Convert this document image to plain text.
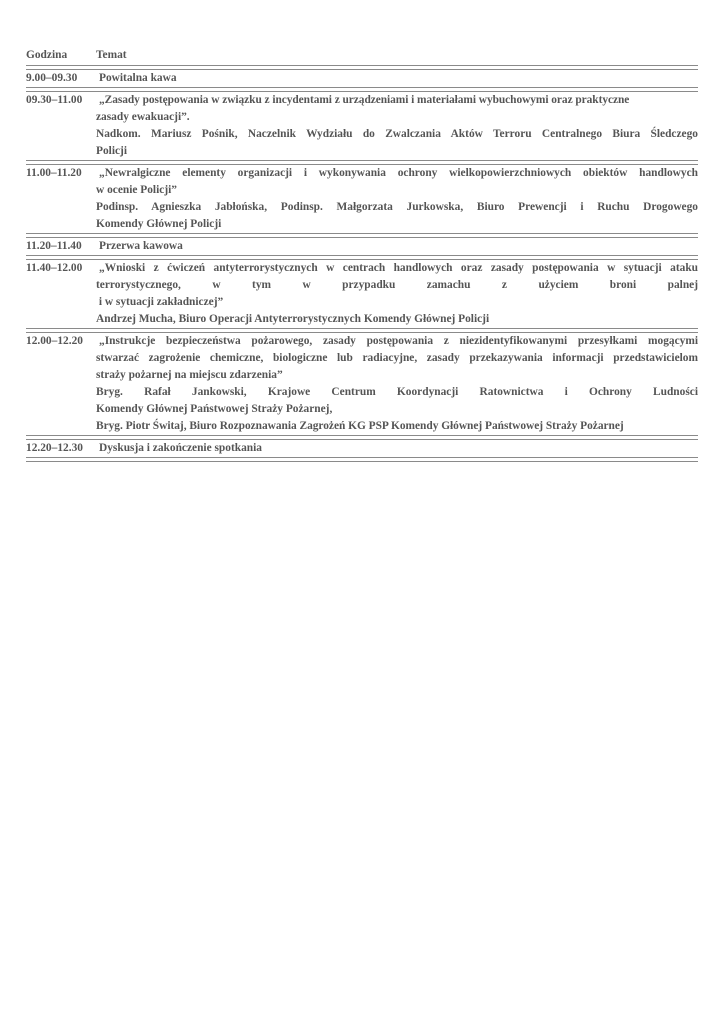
Godzina	Temat
9.00–09.30	Powitalna kawa
09.30–11.00	„Zasady postępowania w związku z incydentami z urządzeniami i materiałami wybuchowymi oraz praktyczne
zasady ewakuacji”.
Nadkom. Mariusz Pośnik, Naczelnik Wydziału do Zwalczania Aktów Terroru Centralnego Biura Śledczego
Policji
11.00–11.20	„Newralgiczne elementy organizacji i wykonywania ochrony wielkopowierzchniowych obiektów handlowych
w ocenie Policji”
Podinsp. Agnieszka Jabłońska, Podinsp. Małgorzata Jurkowska, Biuro Prewencji i Ruchu Drogowego
Komendy Głównej Policji
11.20–11.40	Przerwa kawowa
11.40–12.00	„Wnioski z ćwiczeń antyterrorystycznych w centrach handlowych oraz zasady postępowania w sytuacji ataku
terrorystycznego, w tym w przypadku zamachu z użyciem broni palnej
i w sytuacji zakładniczej”
Andrzej Mucha, Biuro Operacji Antyterrorystycznych Komendy Głównej Policji
12.00–12.20	„Instrukcje bezpieczeństwa pożarowego, zasady postępowania z niezidentyfikowanymi przesyłkami mogącymi
stwarzać zagrożenie chemiczne, biologiczne lub radiacyjne, zasady przekazywania informacji przedstawicielom
straży pożarnej na miejscu zdarzenia”
Bryg. Rafał Jankowski, Krajowe Centrum Koordynacji Ratownictwa i Ochrony Ludności
Komendy Głównej Państwowej Straży Pożarnej,
Bryg. Piotr Świtaj, Biuro Rozpoznawania Zagrożeń KG PSP Komendy Głównej Państwowej Straży Pożarnej
12.20–12.30	Dyskusja i zakończenie spotkania
